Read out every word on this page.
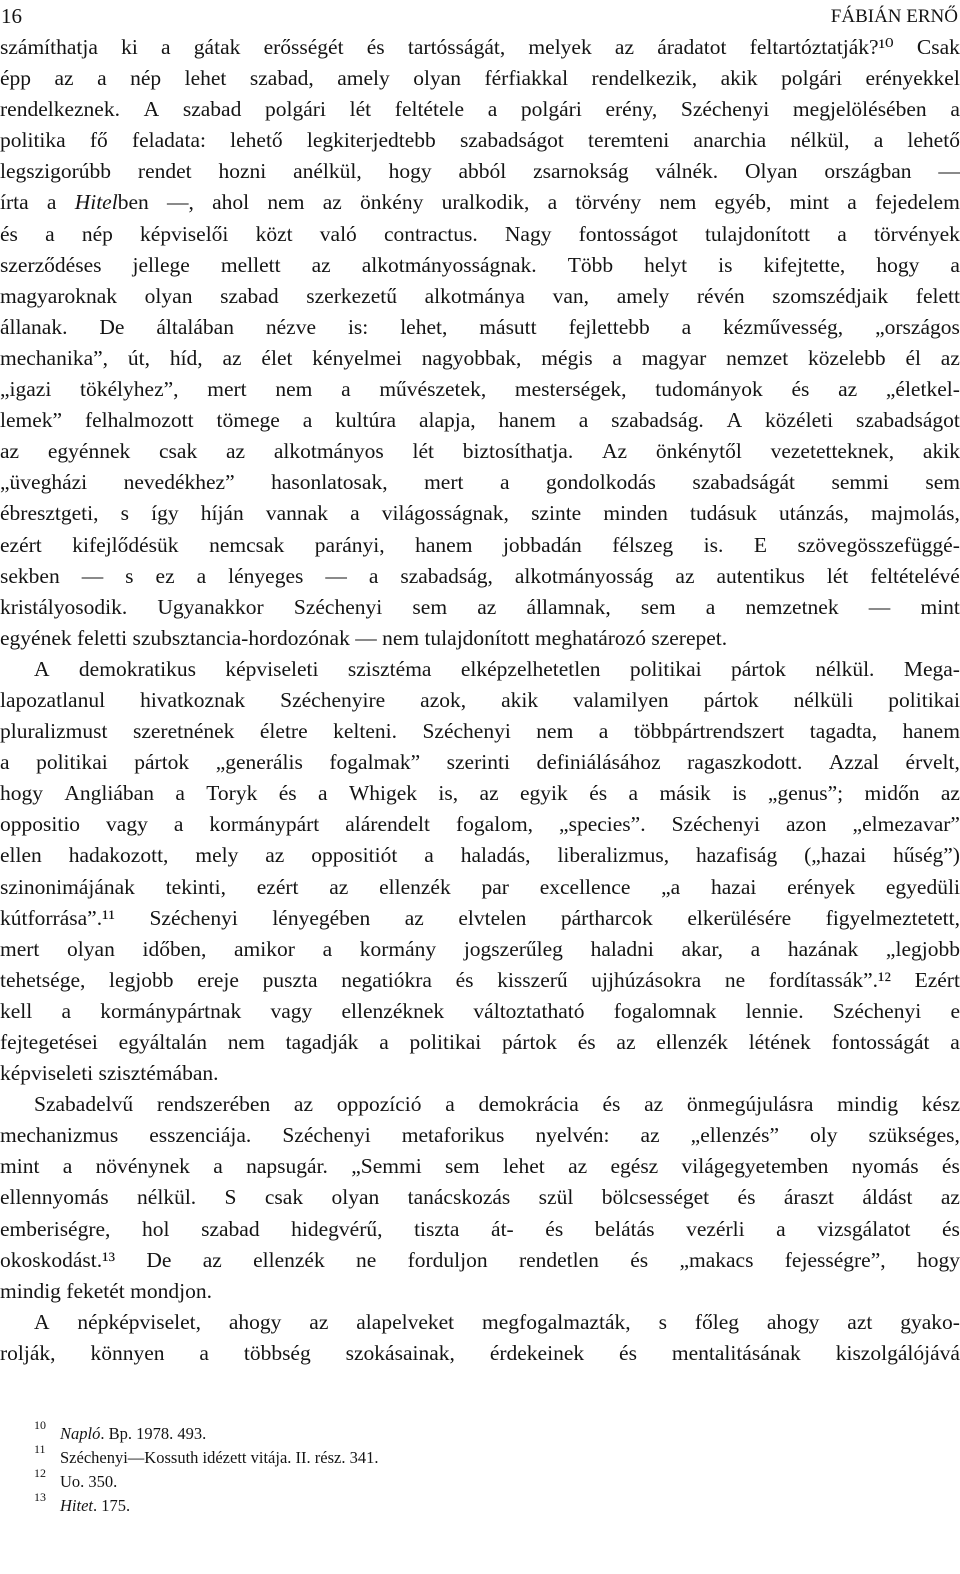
16	FÁBIÁN ERNŐ
számíthatja ki a gátak erősségét és tartósságát, melyek az áradatot feltartóztatják?¹⁰ Csak
épp az a nép lehet szabad, amely olyan férfiakkal rendelkezik, akik polgári erényekkel
rendelkeznek. A szabad polgári lét feltétele a polgári erény, Széchenyi megjelölésében a
politika fő feladata: lehető legkiterjedtebb szabadságot teremteni anarchia nélkül, a lehető
legszigorúbb rendet hozni anélkül, hogy abból zsarnokság válnék. Olyan országban —
írta a Hitelben —, ahol nem az önkény uralkodik, a törvény nem egyéb, mint a fejedelem
és a nép képviselői közt való contractus. Nagy fontosságot tulajdonított a törvények
szerződéses jellege mellett az alkotmányosságnak. Több helyt is kifejtette, hogy a
magyaroknak olyan szabad szerkezetű alkotmánya van, amely révén szomszédjaik felett
állanak. De általában nézve is: lehet, másutt fejlettebb a kézművesség, „országos
mechanika”, út, híd, az élet kényelmei nagyobbak, mégis a magyar nemzet közelebb él az
„igazi tökélyhez”, mert nem a művészetek, mesterségek, tudományok és az „életkel-
lemek” felhalmozott tömege a kultúra alapja, hanem a szabadság. A közéleti szabadságot
az egyénnek csak az alkotmányos lét biztosíthatja. Az önkénytől vezetetteknek, akik
„üvegházi nevedékhez” hasonlatosak, mert a gondolkodás szabadságát semmi sem
ébresztgeti, s így híján vannak a világosságnak, szinte minden tudásuk utánzás, majmolás,
ezért kifejlődésük nemcsak parányi, hanem jobbadán félszeg is. E szövegösszefüggé-
sekben — s ez a lényeges — a szabadság, alkotmányosság az autentikus lét feltételévé
kristályosodik. Ugyanakkor Széchenyi sem az államnak, sem a nemzetnek — mint
egyének feletti szubsztancia-hordozónak — nem tulajdonított meghatározó szerepet.
A demokratikus képviseleti szisztéma elképzelhetetlen politikai pártok nélkül. Mega-
lapozatlanul hivatkoznak Széchenyire azok, akik valamilyen pártok nélküli politikai
pluralizmust szeretnének életre kelteni. Széchenyi nem a többpártrendszert tagadta, hanem
a politikai pártok „generális fogalmak” szerinti definiálásához ragaszkodott. Azzal érvelt,
hogy Angliában a Toryk és a Whigek is, az egyik és a másik is „genus”; midőn az
oppositio vagy a kormánypárt alárendelt fogalom, „species”. Széchenyi azon „elmezavar”
ellen hadakozott, mely az oppositiót a haladás, liberalizmus, hazafiság („hazai hűség”)
szinonimájának tekinti, ezért az ellenzék par excellence „a hazai erények egyedüli
kútforrása”.¹¹ Széchenyi lényegében az elvtelen pártharcok elkerülésére figyelmeztetett,
mert olyan időben, amikor a kormány jogszerűleg haladni akar, a hazának „legjobb
tehetsége, legjobb ereje puszta negatiókra és kisszerű ujjhúzásokra ne fordítassák”.¹² Ezért
kell a kormánypártnak vagy ellenzéknek változtatható fogalomnak lennie. Széchenyi e
fejtegetései egyáltalán nem tagadják a politikai pártok és az ellenzék létének fontosságát a
képviseleti szisztémában.
Szabadelvű rendszerében az oppozíció a demokrácia és az önmegújulásra mindig kész
mechanizmus esszenciája. Széchenyi metaforikus nyelvén: az „ellenzés” oly szükséges,
mint a növénynek a napsugár. „Semmi sem lehet az egész világegyetemben nyomás és
ellennyomás nélkül. S csak olyan tanácskozás szül bölcsességet és áraszt áldást az
emberiségre, hol szabad hidegvérű, tiszta át- és belátás vezérli a vizsgálatot és
okoskodást.¹³ De az ellenzék ne forduljon rendetlen és „makacs fejességre”, hogy
mindig feketét mondjon.
A népképviselet, ahogy az alapelveket megfogalmazták, s főleg ahogy azt gyako-
rolják, könnyen a többség szokásainak, érdekeinek és mentalitásának kiszolgálójává

10

Napló. Bp. 1978. 493.

11

Széchenyi—Kossuth idézett vitája. II. rész. 341.

12

Uo. 350.

13

Hitet. 175.
